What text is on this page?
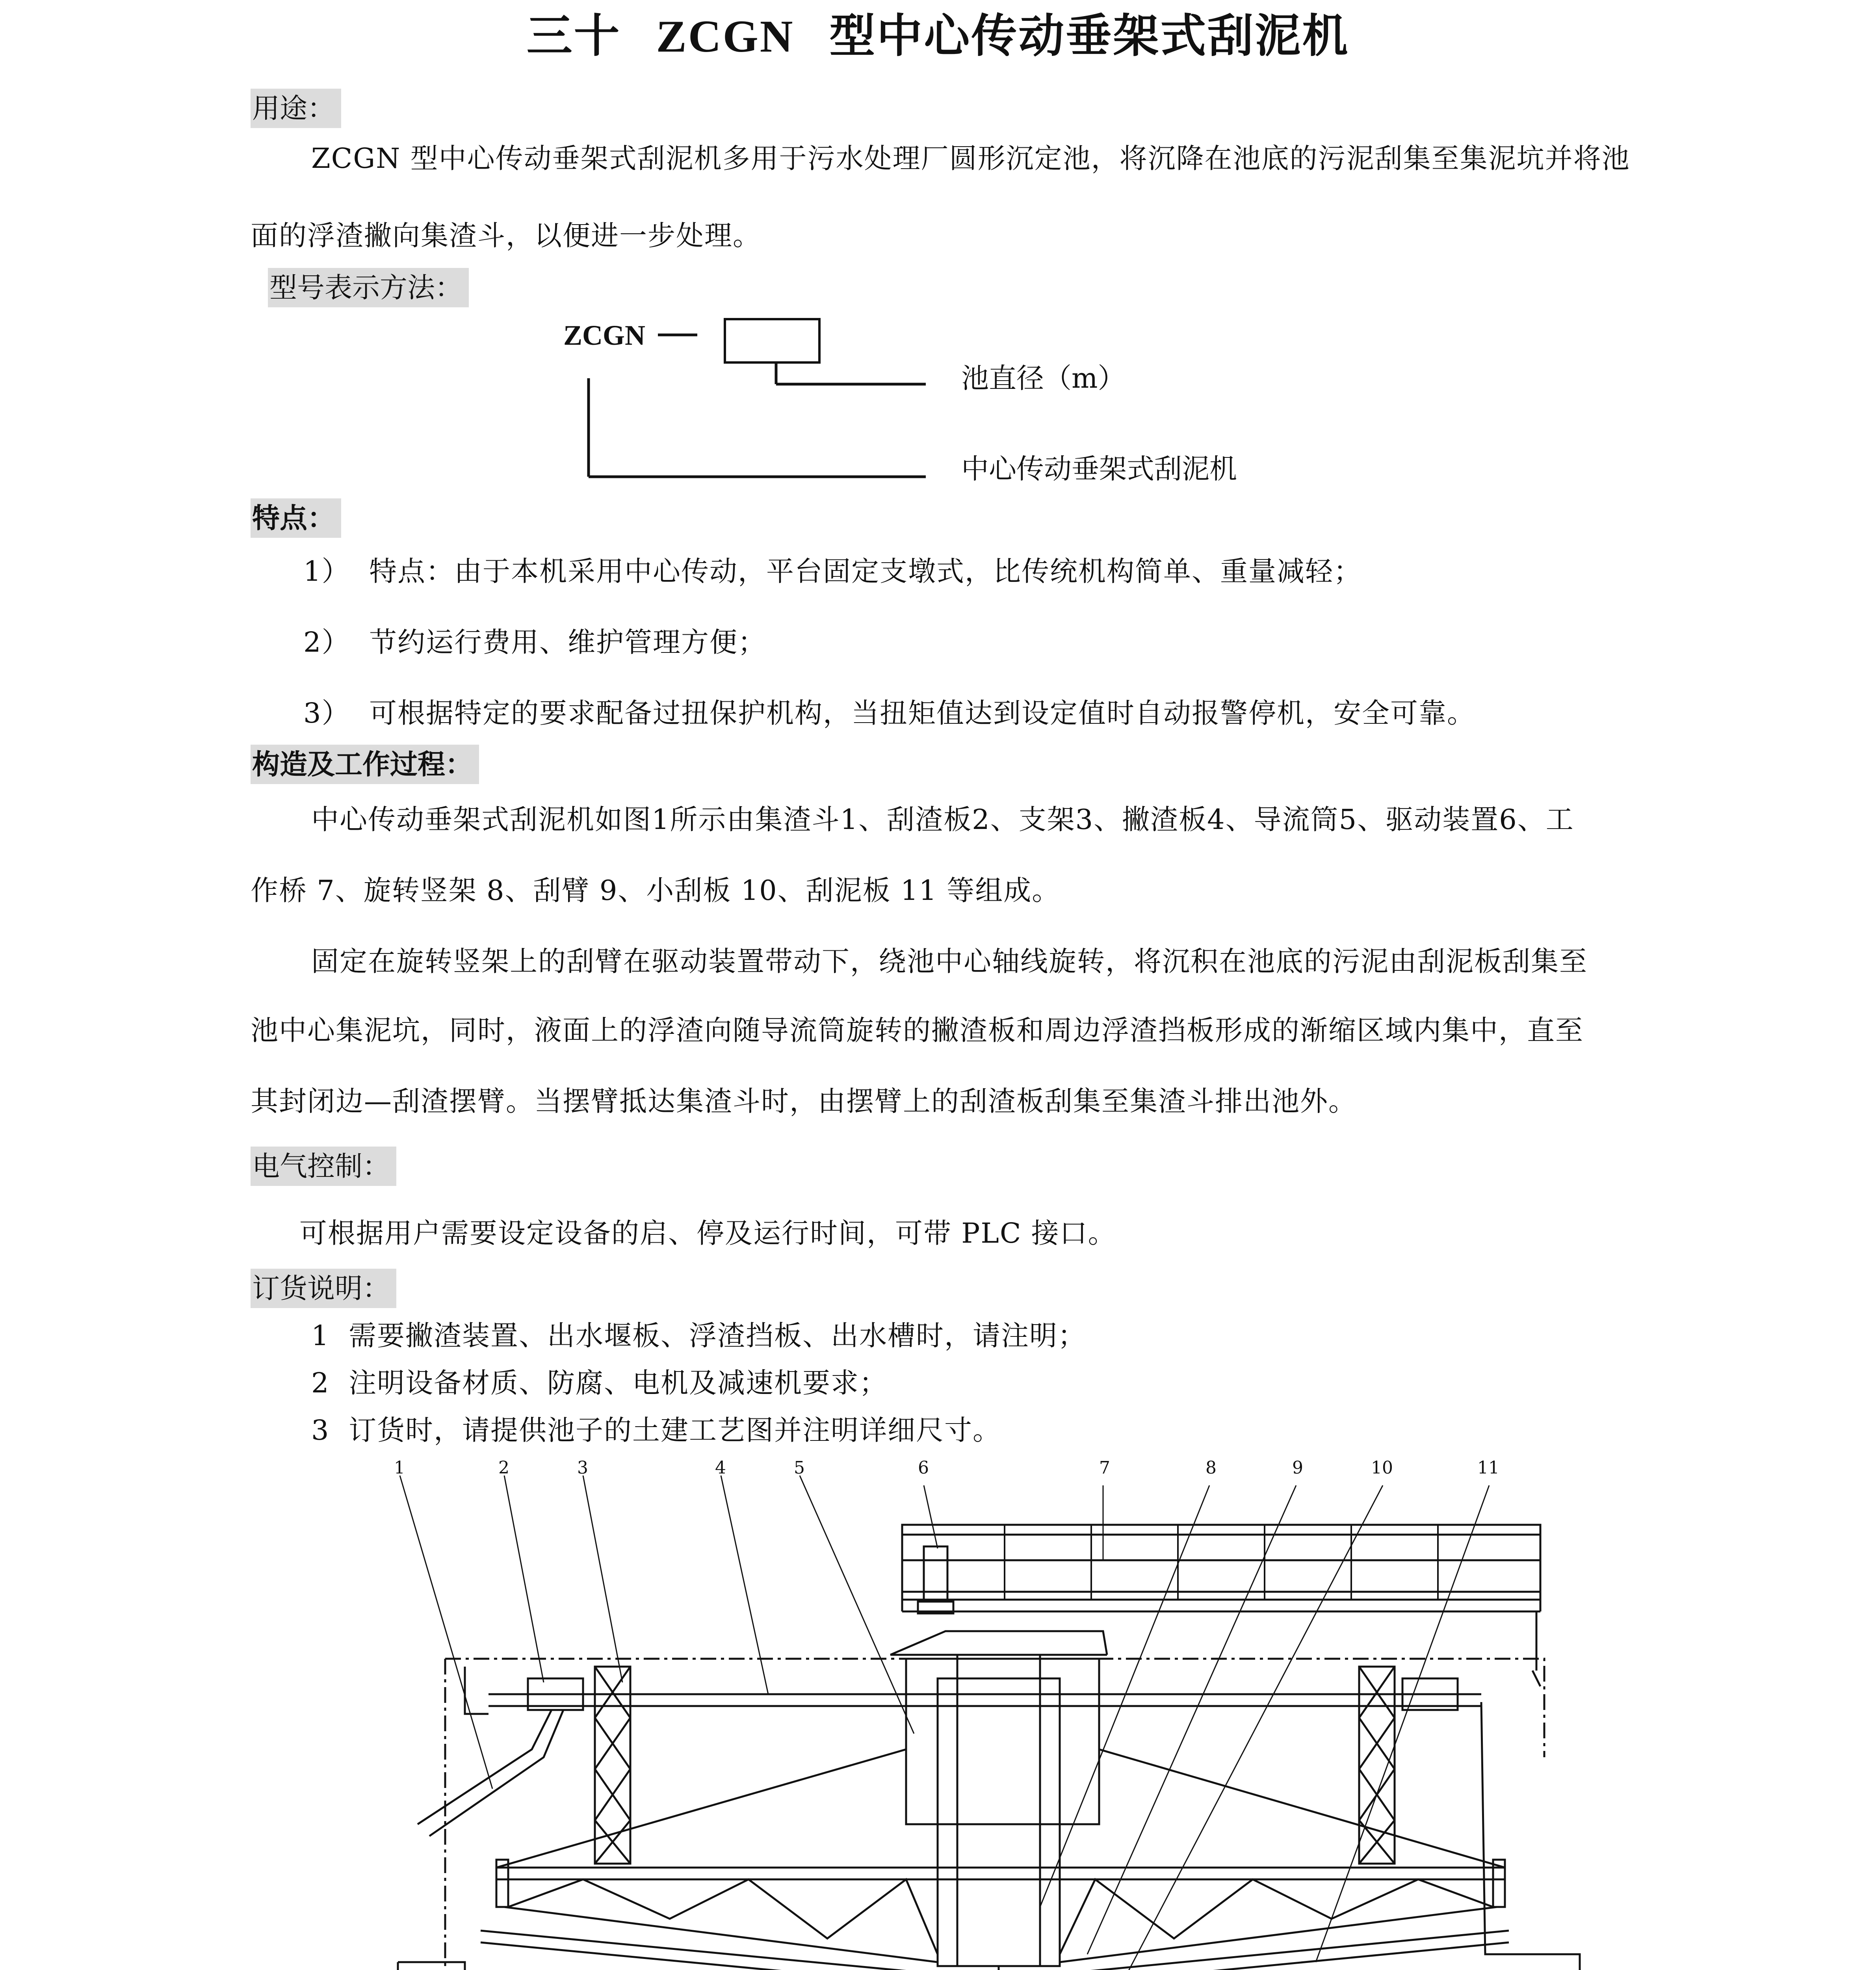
三十 ZCGN 型中心传动垂架式刮泥机
用途：
ZCGN 型中心传动垂架式刮泥机多用于污水处理厂圆形沉定池，将沉降在池底的污泥刮集至集泥坑并将池
面的浮渣撇向集渣斗，以便进一步处理。
型号表示方法：
ZCGN
池直径（m）
中心传动垂架式刮泥机
特点：
1） 特点：由于本机采用中心传动，平台固定支墩式，比传统机构简单、重量减轻；
2） 节约运行费用、维护管理方便；
3） 可根据特定的要求配备过扭保护机构，当扭矩值达到设定值时自动报警停机，安全可靠。
构造及工作过程：
中心传动垂架式刮泥机如图1所示由集渣斗1、刮渣板2、支架3、撇渣板4、导流筒5、驱动装置6、工
作桥 7、旋转竖架 8、刮臂 9、小刮板 10、刮泥板 11 等组成。
固定在旋转竖架上的刮臂在驱动装置带动下，绕池中心轴线旋转，将沉积在池底的污泥由刮泥板刮集至
池中心集泥坑，同时，液面上的浮渣向随导流筒旋转的撇渣板和周边浮渣挡板形成的渐缩区域内集中，直至
其封闭边—刮渣摆臂。当摆臂抵达集渣斗时，由摆臂上的刮渣板刮集至集渣斗排出池外。
电气控制：
可根据用户需要设定设备的启、停及运行时间，可带 PLC 接口。
订货说明：
1 需要撇渣装置、出水堰板、浮渣挡板、出水槽时，请注明；
2 注明设备材质、防腐、电机及减速机要求；
3 订货时，请提供池子的土建工艺图并注明详细尺寸。
1	2	3	4	5	6	7	8	9	10	11
